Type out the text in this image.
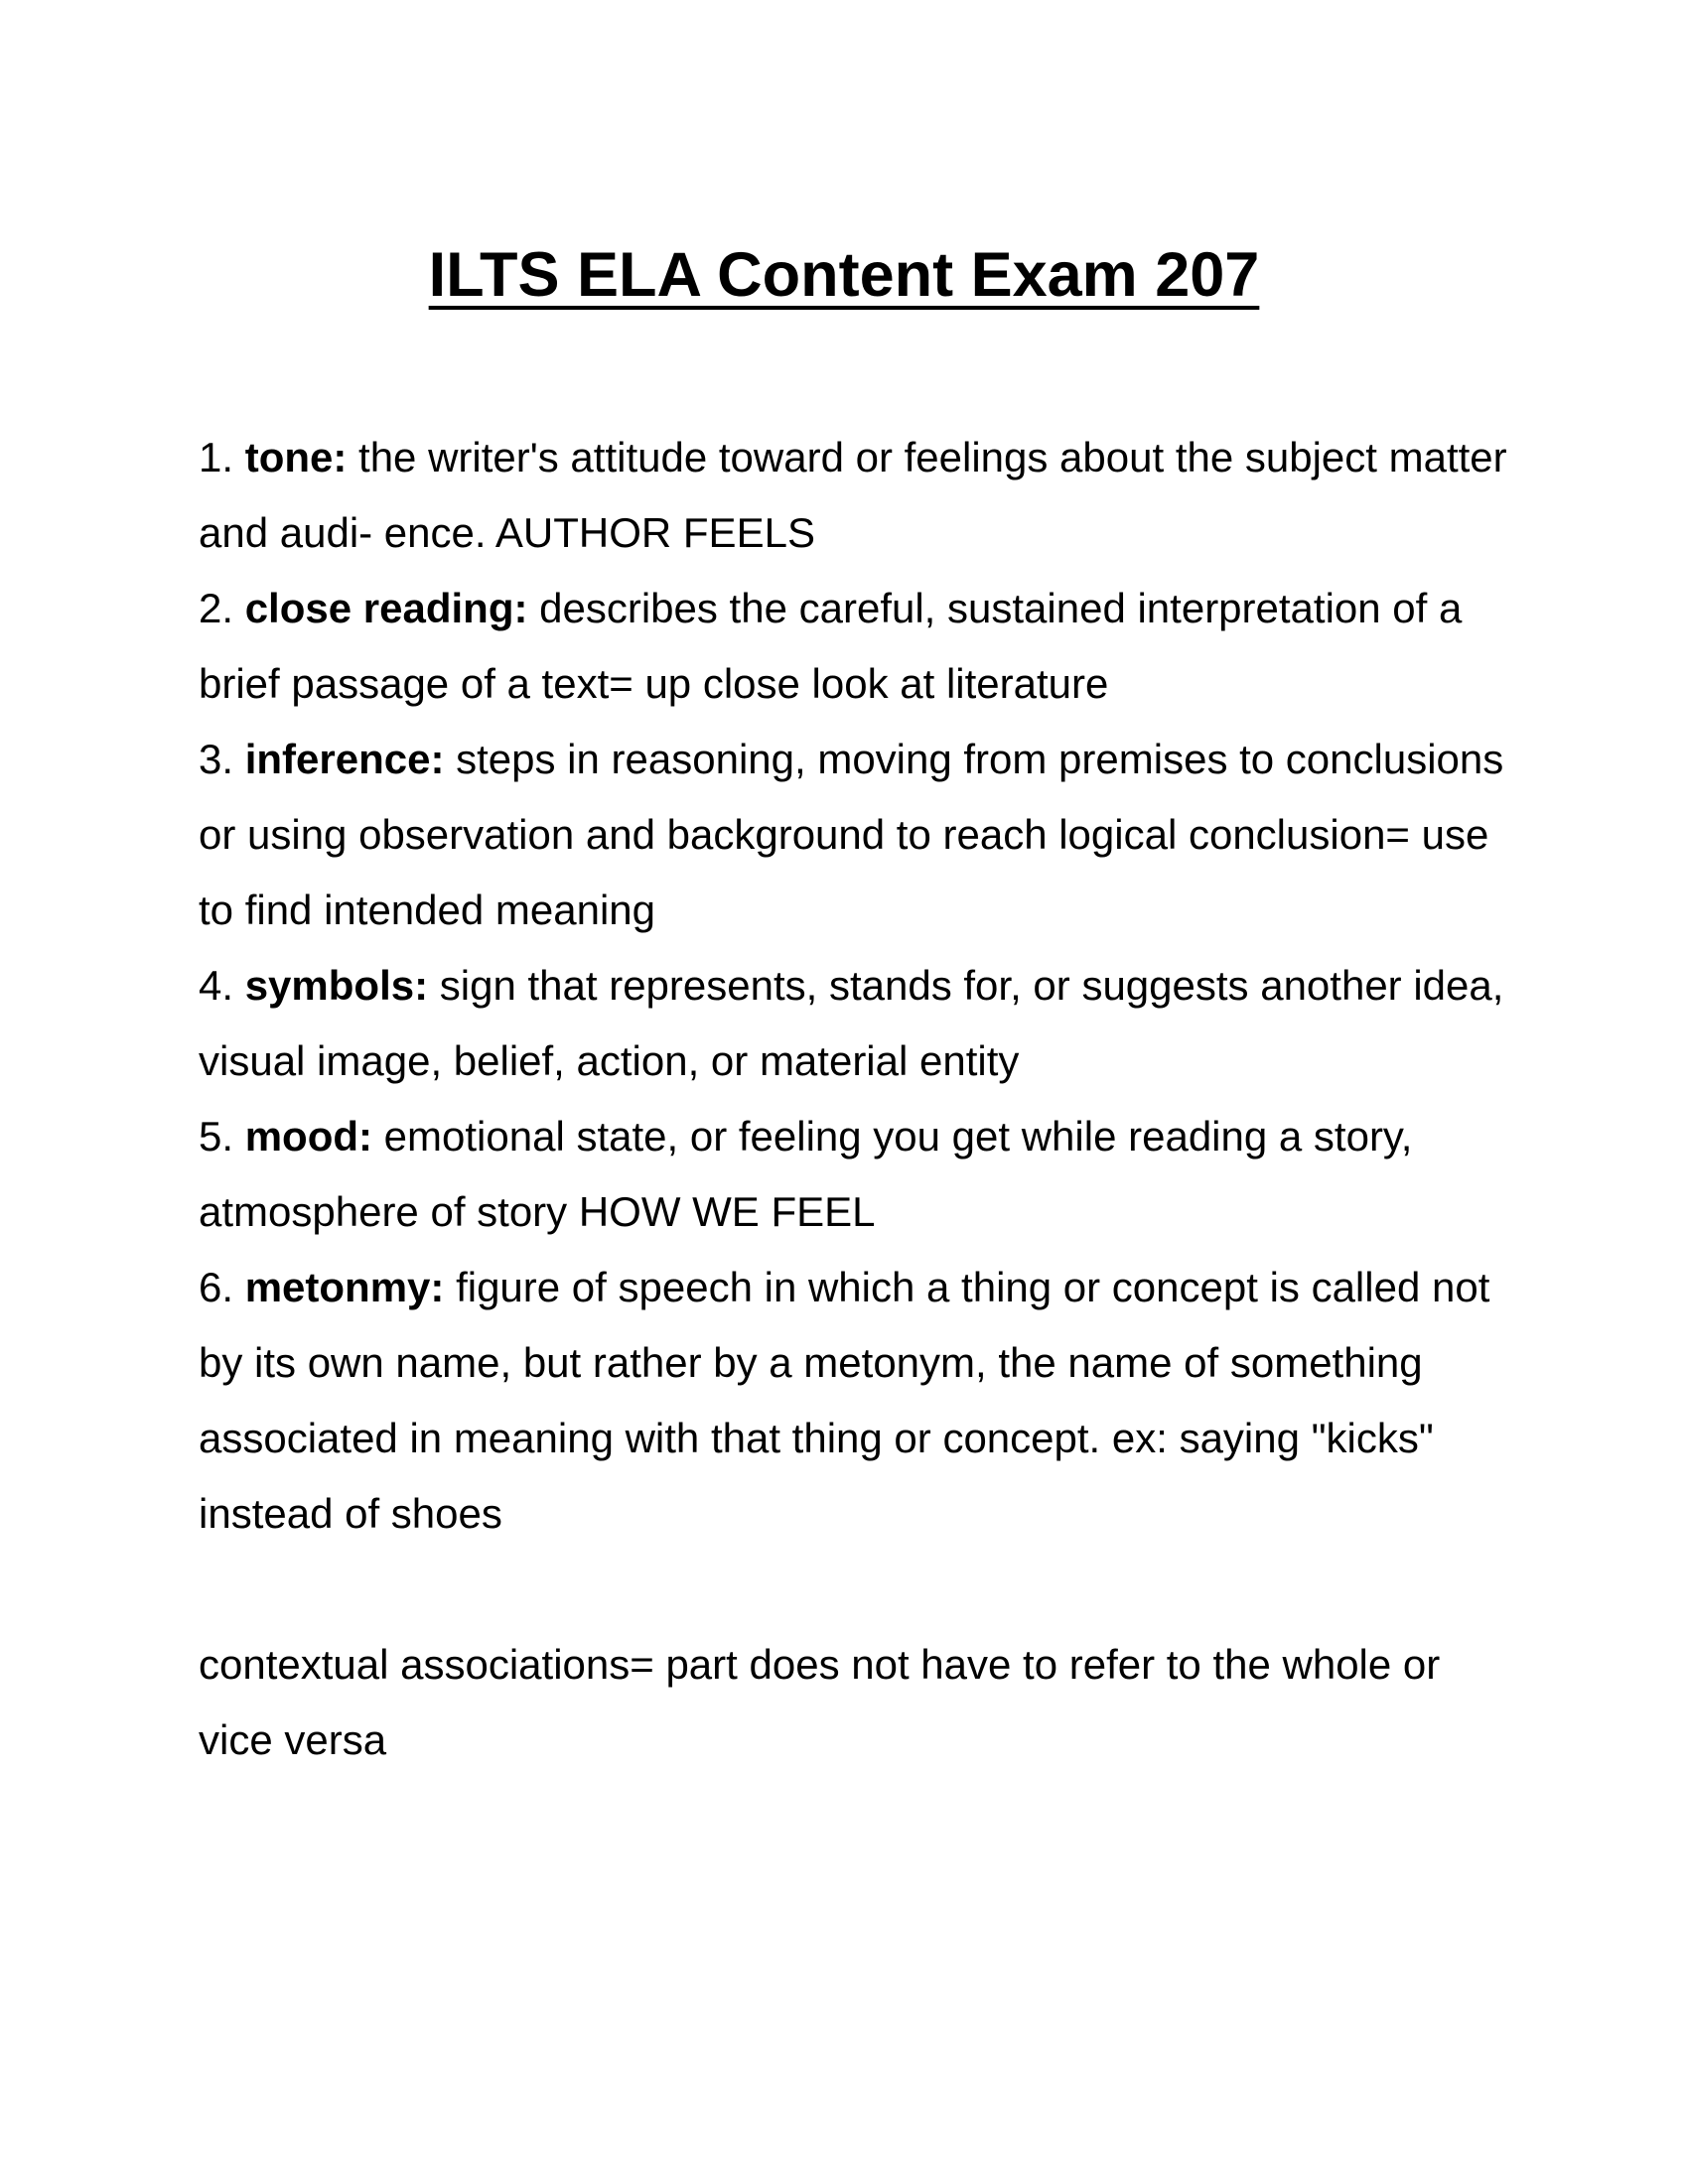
ILTS ELA Content Exam 207

1. tone: the writer's attitude toward or feelings about the subject matter and audi- ence. AUTHOR FEELS

2. close reading: describes the careful, sustained interpretation of a brief passage of a text= up close look at literature

3. inference: steps in reasoning, moving from premises to conclusions or using observation and background to reach logical conclusion= use to find intended meaning

4. symbols: sign that represents, stands for, or suggests another idea, visual image, belief, action, or material entity

5. mood: emotional state, or feeling you get while reading a story, atmosphere of story HOW WE FEEL

6. metonmy: figure of speech in which a thing or concept is called not by its own name, but rather by a metonym, the name of something associated in meaning with that thing or concept. ex: saying "kicks" instead of shoes

contextual associations= part does not have to refer to the whole or vice versa
